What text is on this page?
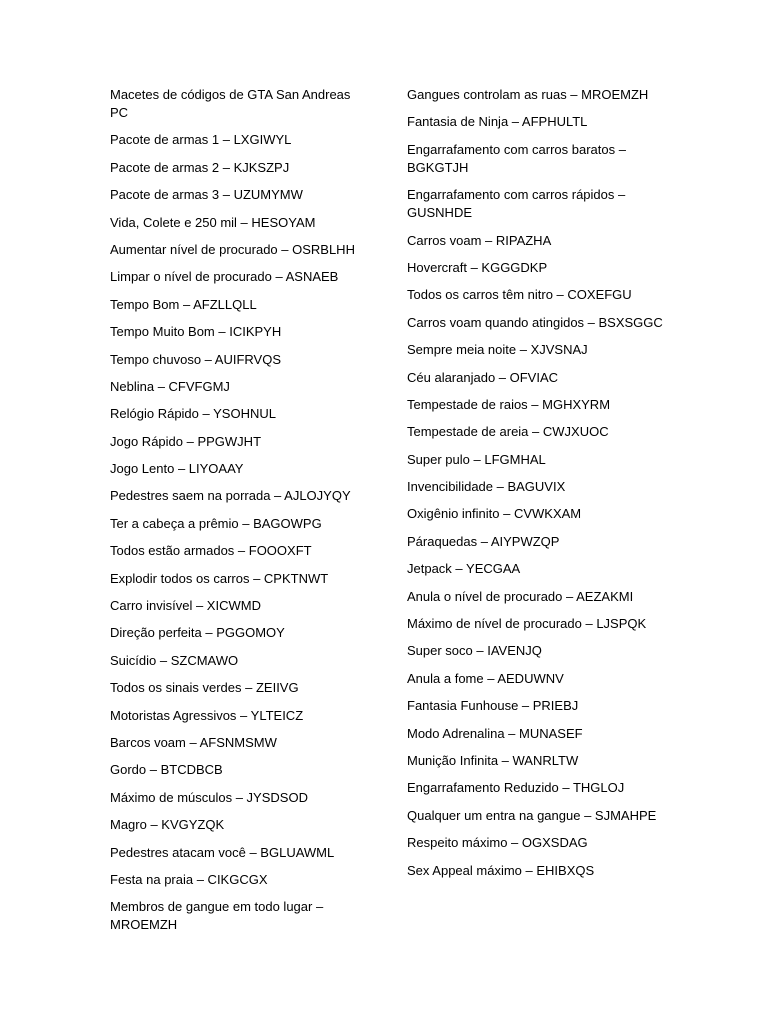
Macetes de códigos de GTA San Andreas PC
Pacote de armas 1 – LXGIWYL
Pacote de armas 2 – KJKSZPJ
Pacote de armas 3 – UZUMYMW
Vida, Colete e 250 mil – HESOYAM
Aumentar nível de procurado – OSRBLHH
Limpar o nível de procurado – ASNAEB
Tempo Bom – AFZLLQLL
Tempo Muito Bom – ICIKPYH
Tempo chuvoso – AUIFRVQS
Neblina – CFVFGMJ
Relógio Rápido – YSOHNUL
Jogo Rápido – PPGWJHT
Jogo Lento – LIYOAAY
Pedestres saem na porrada – AJLOJYQY
Ter a cabeça a prêmio – BAGOWPG
Todos estão armados – FOOOXFT
Explodir todos os carros – CPKTNWT
Carro invisível – XICWMD
Direção perfeita – PGGOMOY
Suicídio – SZCMAWO
Todos os sinais verdes – ZEIIVG
Motoristas Agressivos – YLTEICZ
Barcos voam – AFSNMSMW
Gordo – BTCDBCB
Máximo de músculos – JYSDSOD
Magro – KVGYZQK
Pedestres atacam você – BGLUAWML
Festa na praia – CIKGCGX
Membros de gangue em todo lugar – MROEMZH
Gangues controlam as ruas – MROEMZH
Fantasia de Ninja – AFPHULTL
Engarrafamento com carros baratos – BGKGTJH
Engarrafamento com carros rápidos – GUSNHDE
Carros voam – RIPAZHA
Hovercraft – KGGGDKP
Todos os carros têm nitro – COXEFGU
Carros voam quando atingidos – BSXSGGC
Sempre meia noite – XJVSNAJ
Céu alaranjado – OFVIAC
Tempestade de raios – MGHXYRM
Tempestade de areia – CWJXUOC
Super pulo – LFGMHAL
Invencibilidade – BAGUVIX
Oxigênio infinito – CVWKXAM
Páraquedas – AIYPWZQP
Jetpack – YECGAA
Anula o nível de procurado – AEZAKMI
Máximo de nível de procurado – LJSPQK
Super soco – IAVENJQ
Anula a fome – AEDUWNV
Fantasia Funhouse – PRIEBJ
Modo Adrenalina – MUNASEF
Munição Infinita – WANRLTW
Engarrafamento Reduzido – THGLOJ
Qualquer um entra na gangue – SJMAHPE
Respeito máximo – OGXSDAG
Sex Appeal máximo – EHIBXQS
